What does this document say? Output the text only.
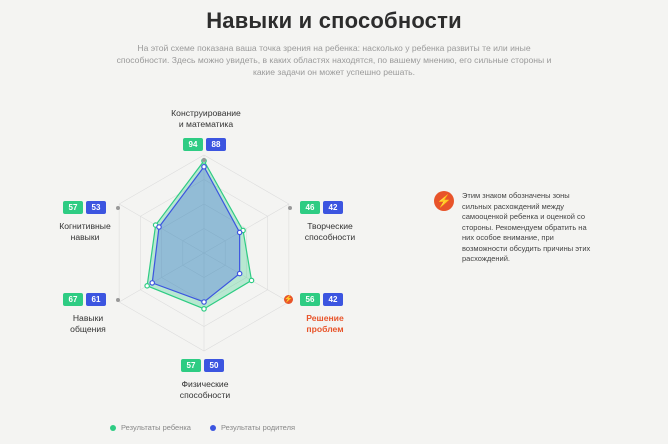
Навыки и способности
На этой схеме показана ваша точка зрения на ребенка: насколько у ребенка развиты те или иные способности. Здесь можно увидеть, в каких областях находятся, по вашему мнению, его сильные стороны и какие задачи он может успешно решать.
Конструирование
и математика
94	88
46	42
Творческие
способности
⚡	56	42
Решение
проблем
57	50
Физические
способности
67	61
Навыки
общения
57	53
Когнитивные
навыки
⚡	Этим знаком обозначены зоны сильных расхождений между самооценкой ребенка и оценкой со стороны. Рекомендуем обратить на них особое внимание, при возможности обсудить причины этих расхождений.
Результаты ребенка	Результаты родителя
